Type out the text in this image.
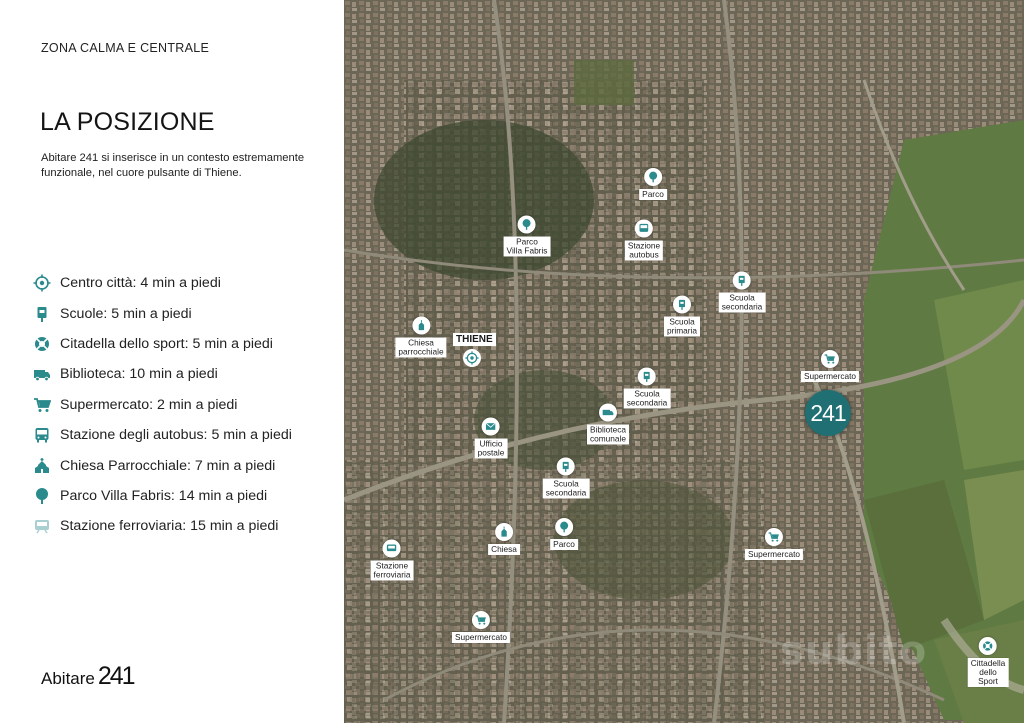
ZONA CALMA E CENTRALE
LA POSIZIONE

Abitare 241 si inserisce in un contesto estremamente funzionale, nel cuore pulsante di Thiene.

Centro città: 4 min a piedi
Scuole: 5 min a piedi
Citadella dello sport: 5 min a piedi
Biblioteca: 10 min a piedi
Supermercato: 2 min a piedi
Stazione degli autobus: 5 min a piedi
Chiesa Parrocchiale: 7 min a piedi
Parco Villa Fabris: 14 min a piedi
Stazione ferroviaria: 15 min a piedi
Abitare 241
Parco
Parco
Villa Fabris	Stazione
autobus
Scuola
secondaria
Scuola
primaria
Chiesa
parrocchiale
Supermercato
Scuola
secondaria
Biblioteca
comunale
Ufficio
postale
Scuola
secondaria
Chiesa	Parco
Stazione
ferroviaria
Supermercato
Supermercato
Cittadella
dello Sport
subito
THIENE
241
